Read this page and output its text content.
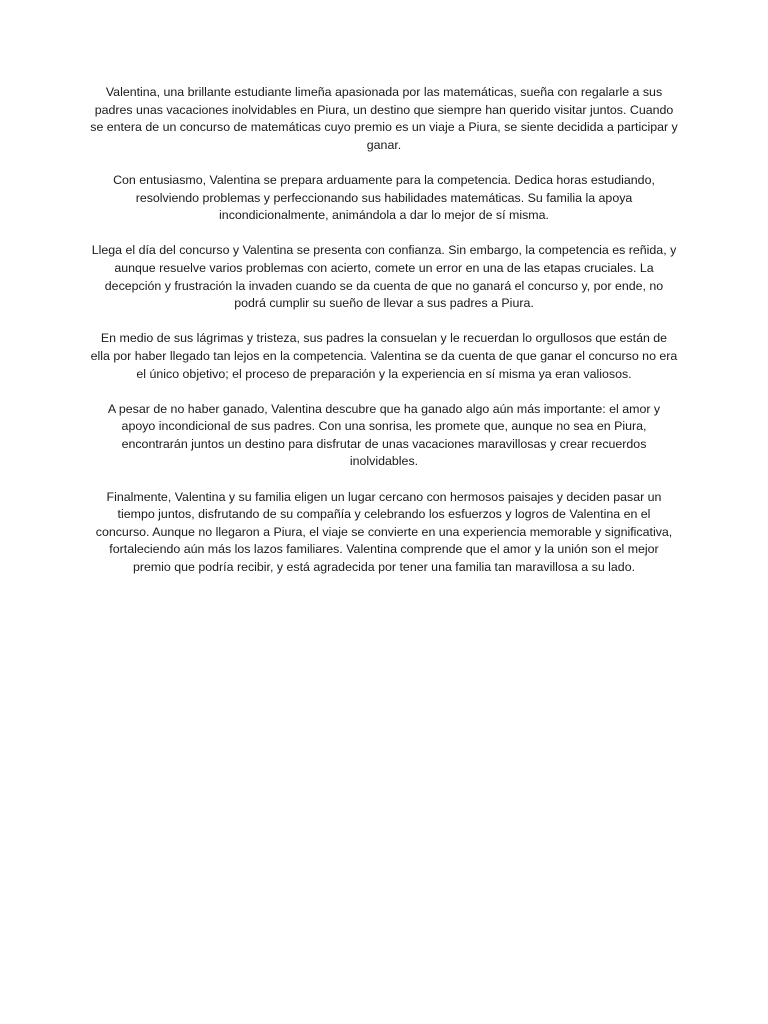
Valentina, una brillante estudiante limeña apasionada por las matemáticas, sueña con regalarle a sus padres unas vacaciones inolvidables en Piura, un destino que siempre han querido visitar juntos. Cuando se entera de un concurso de matemáticas cuyo premio es un viaje a Piura, se siente decidida a participar y ganar.

Con entusiasmo, Valentina se prepara arduamente para la competencia. Dedica horas estudiando, resolviendo problemas y perfeccionando sus habilidades matemáticas. Su familia la apoya incondicionalmente, animándola a dar lo mejor de sí misma.

Llega el día del concurso y Valentina se presenta con confianza. Sin embargo, la competencia es reñida, y aunque resuelve varios problemas con acierto, comete un error en una de las etapas cruciales. La decepción y frustración la invaden cuando se da cuenta de que no ganará el concurso y, por ende, no podrá cumplir su sueño de llevar a sus padres a Piura.

En medio de sus lágrimas y tristeza, sus padres la consuelan y le recuerdan lo orgullosos que están de ella por haber llegado tan lejos en la competencia. Valentina se da cuenta de que ganar el concurso no era el único objetivo; el proceso de preparación y la experiencia en sí misma ya eran valiosos.

A pesar de no haber ganado, Valentina descubre que ha ganado algo aún más importante: el amor y apoyo incondicional de sus padres. Con una sonrisa, les promete que, aunque no sea en Piura, encontrarán juntos un destino para disfrutar de unas vacaciones maravillosas y crear recuerdos inolvidables.

Finalmente, Valentina y su familia eligen un lugar cercano con hermosos paisajes y deciden pasar un tiempo juntos, disfrutando de su compañía y celebrando los esfuerzos y logros de Valentina en el concurso. Aunque no llegaron a Piura, el viaje se convierte en una experiencia memorable y significativa, fortaleciendo aún más los lazos familiares. Valentina comprende que el amor y la unión son el mejor premio que podría recibir, y está agradecida por tener una familia tan maravillosa a su lado.
